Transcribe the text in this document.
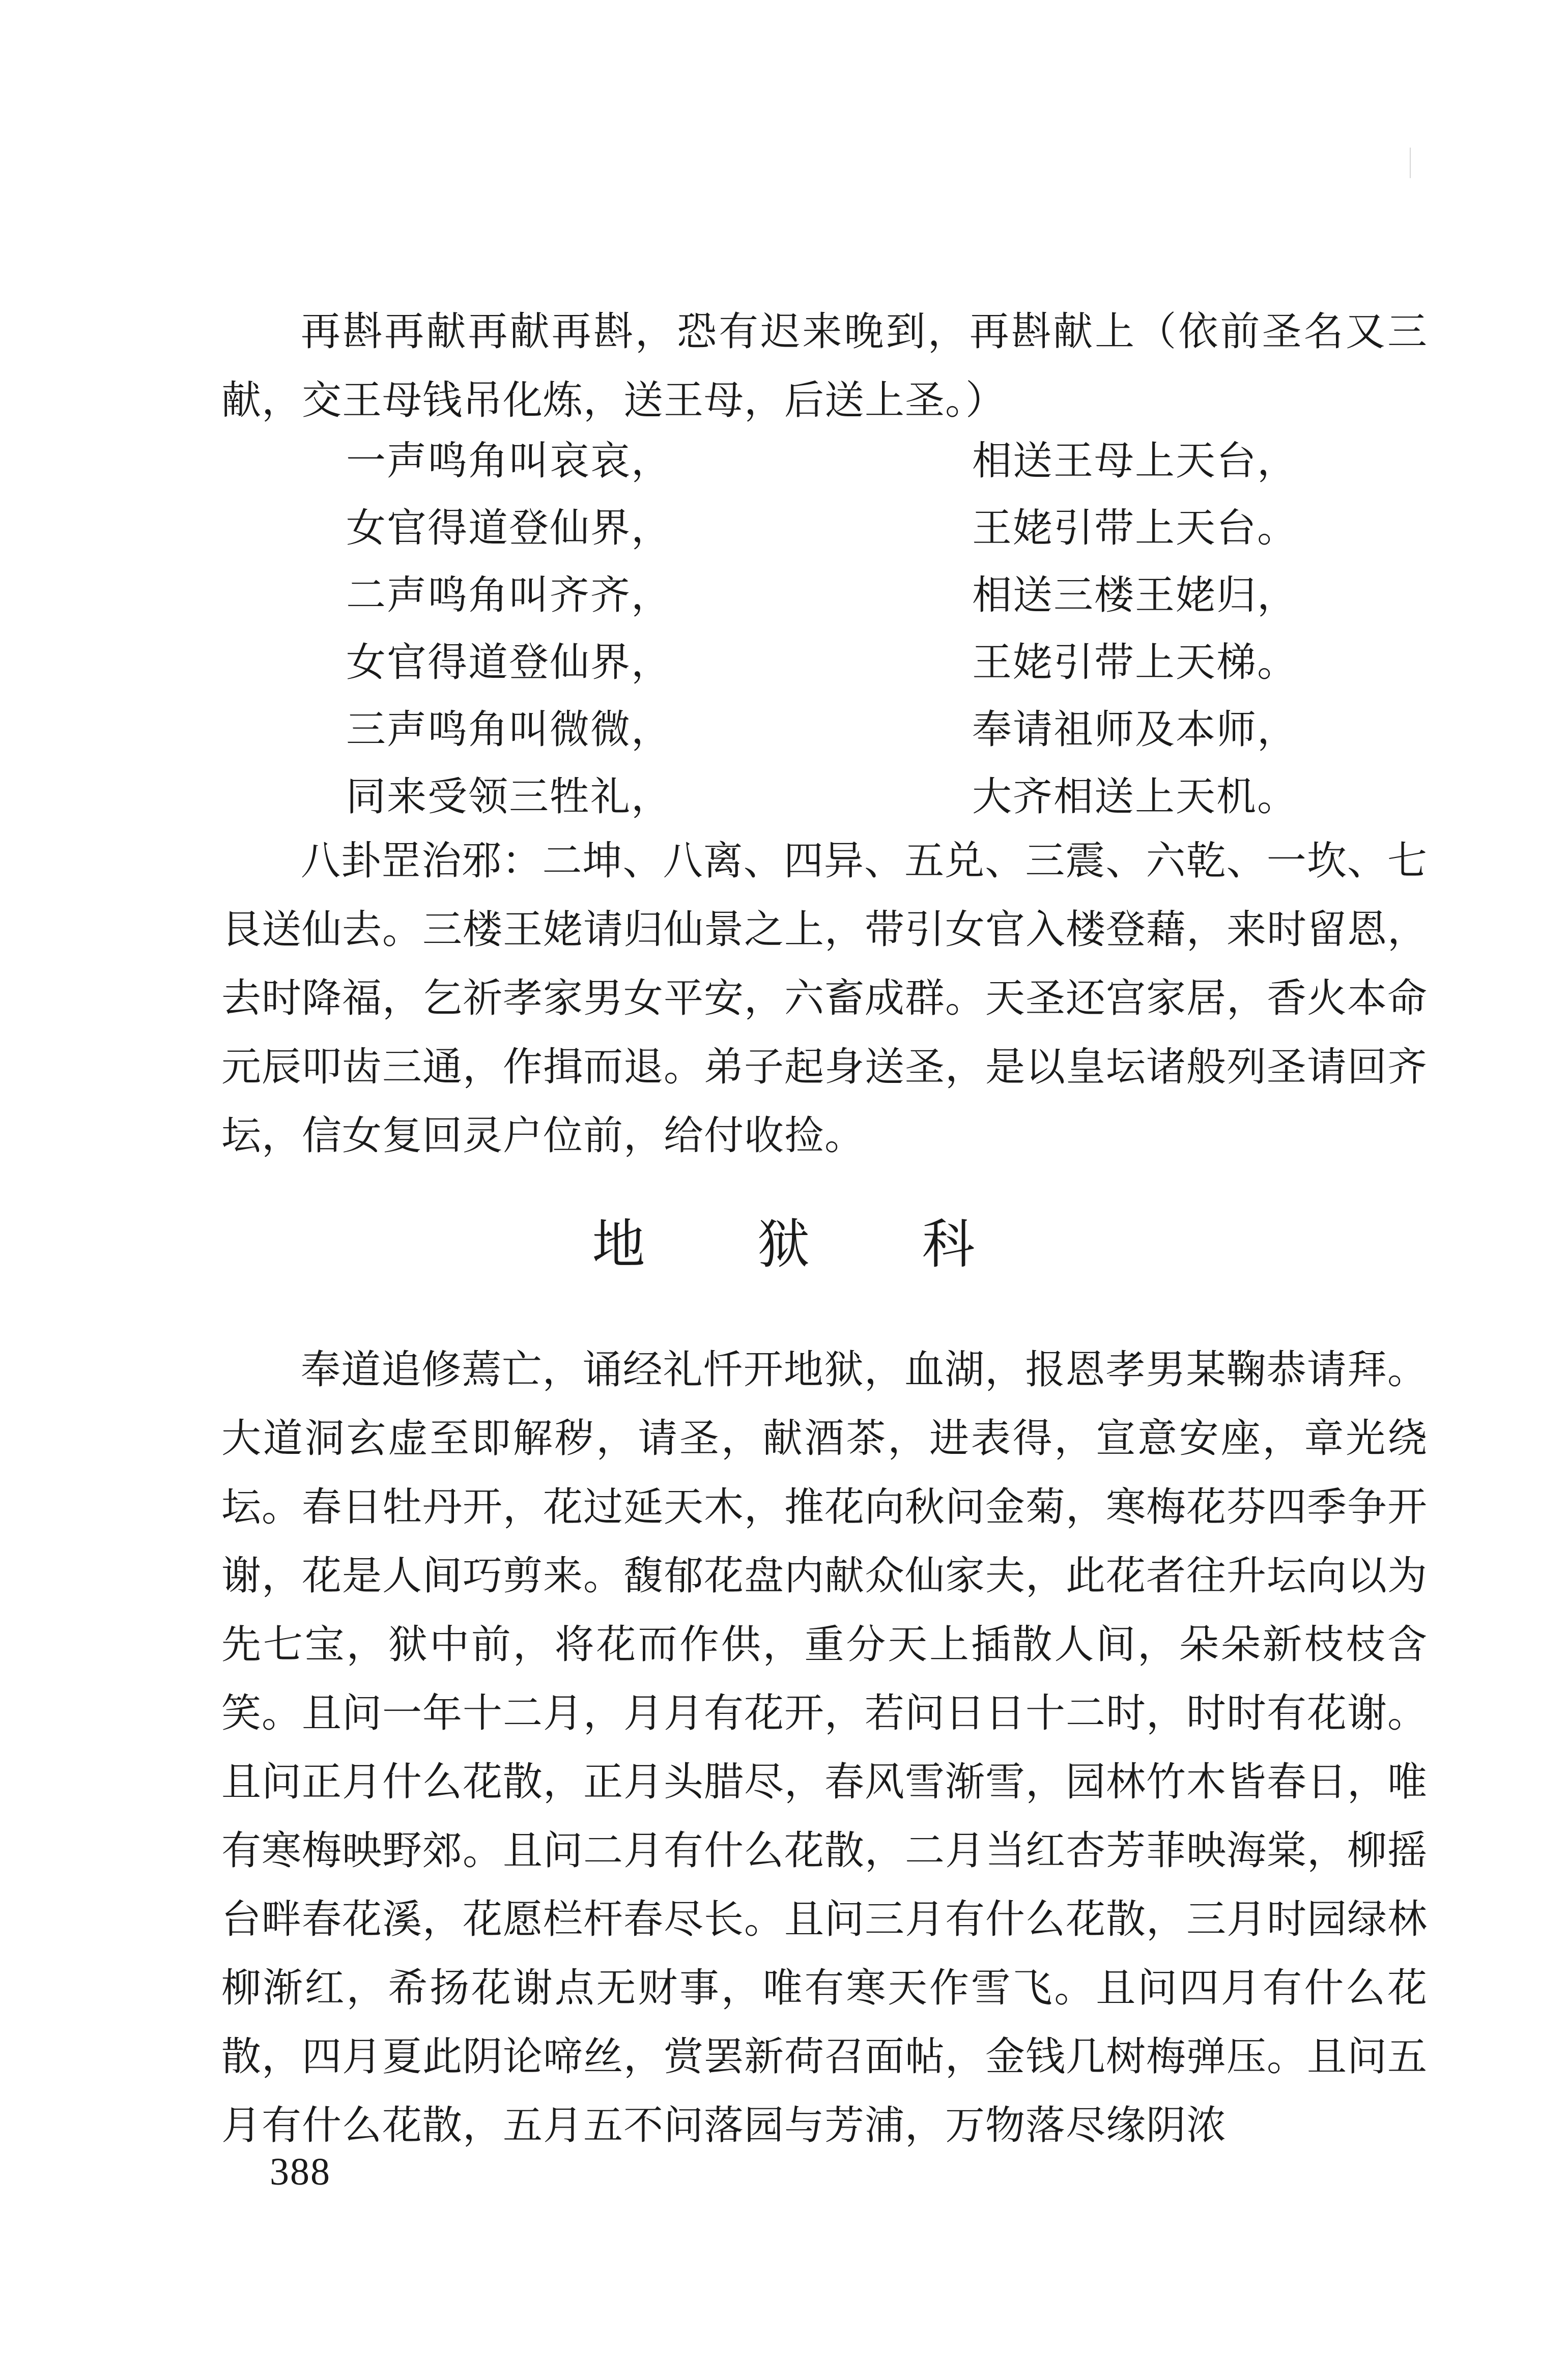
再斟再献再献再斟，恐有迟来晚到，再斟献上（依前圣名又三献，交王母钱吊化炼，送王母，后送上圣。）

一声鸣角叫哀哀，	相送王母上天台，
女官得道登仙界，	王姥引带上天台。
二声鸣角叫齐齐，	相送三楼王姥归，
女官得道登仙界，	王姥引带上天梯。
三声鸣角叫微微，	奉请祖师及本师，
同来受领三牲礼，	大齐相送上天机。

八卦罡治邪：二坤、八离、四异、五兑、三震、六乾、一坎、七艮送仙去。三楼王姥请归仙景之上，带引女官入楼登藉，来时留恩，去时降福，乞祈孝家男女平安，六畜成群。天圣还宫家居，香火本命元辰叩齿三通，作揖而退。弟子起身送圣，是以皇坛诸般列圣请回齐坛，信女复回灵户位前，给付收捡。

地狱科

奉道追修蔫亡，诵经礼忏开地狱，血湖，报恩孝男某鞠恭请拜。大道洞玄虚至即解秽，请圣，献酒茶，进表得，宣意安座，章光绕坛。春日牡丹开，花过延天木，推花向秋问金菊，寒梅花芬四季争开谢，花是人间巧剪来。馥郁花盘内献众仙家夫，此花者往升坛向以为先七宝，狱中前，将花而作供，重分天上插散人间，朵朵新枝枝含笑。且问一年十二月，月月有花开，若问日日十二时，时时有花谢。且问正月什么花散，正月头腊尽，春风雪渐雪，园林竹木皆春日，唯有寒梅映野郊。且问二月有什么花散，二月当红杏芳菲映海棠，柳摇台畔春花溪，花愿栏杆春尽长。且问三月有什么花散，三月时园绿林柳渐红，希扬花谢点无财事，唯有寒天作雪飞。且问四月有什么花散，四月夏此阴论啼丝，赏罢新荷召面帖，金钱几树梅弹压。且问五月有什么花散，五月五不问落园与芳浦，万物落尽缘阴浓

388
